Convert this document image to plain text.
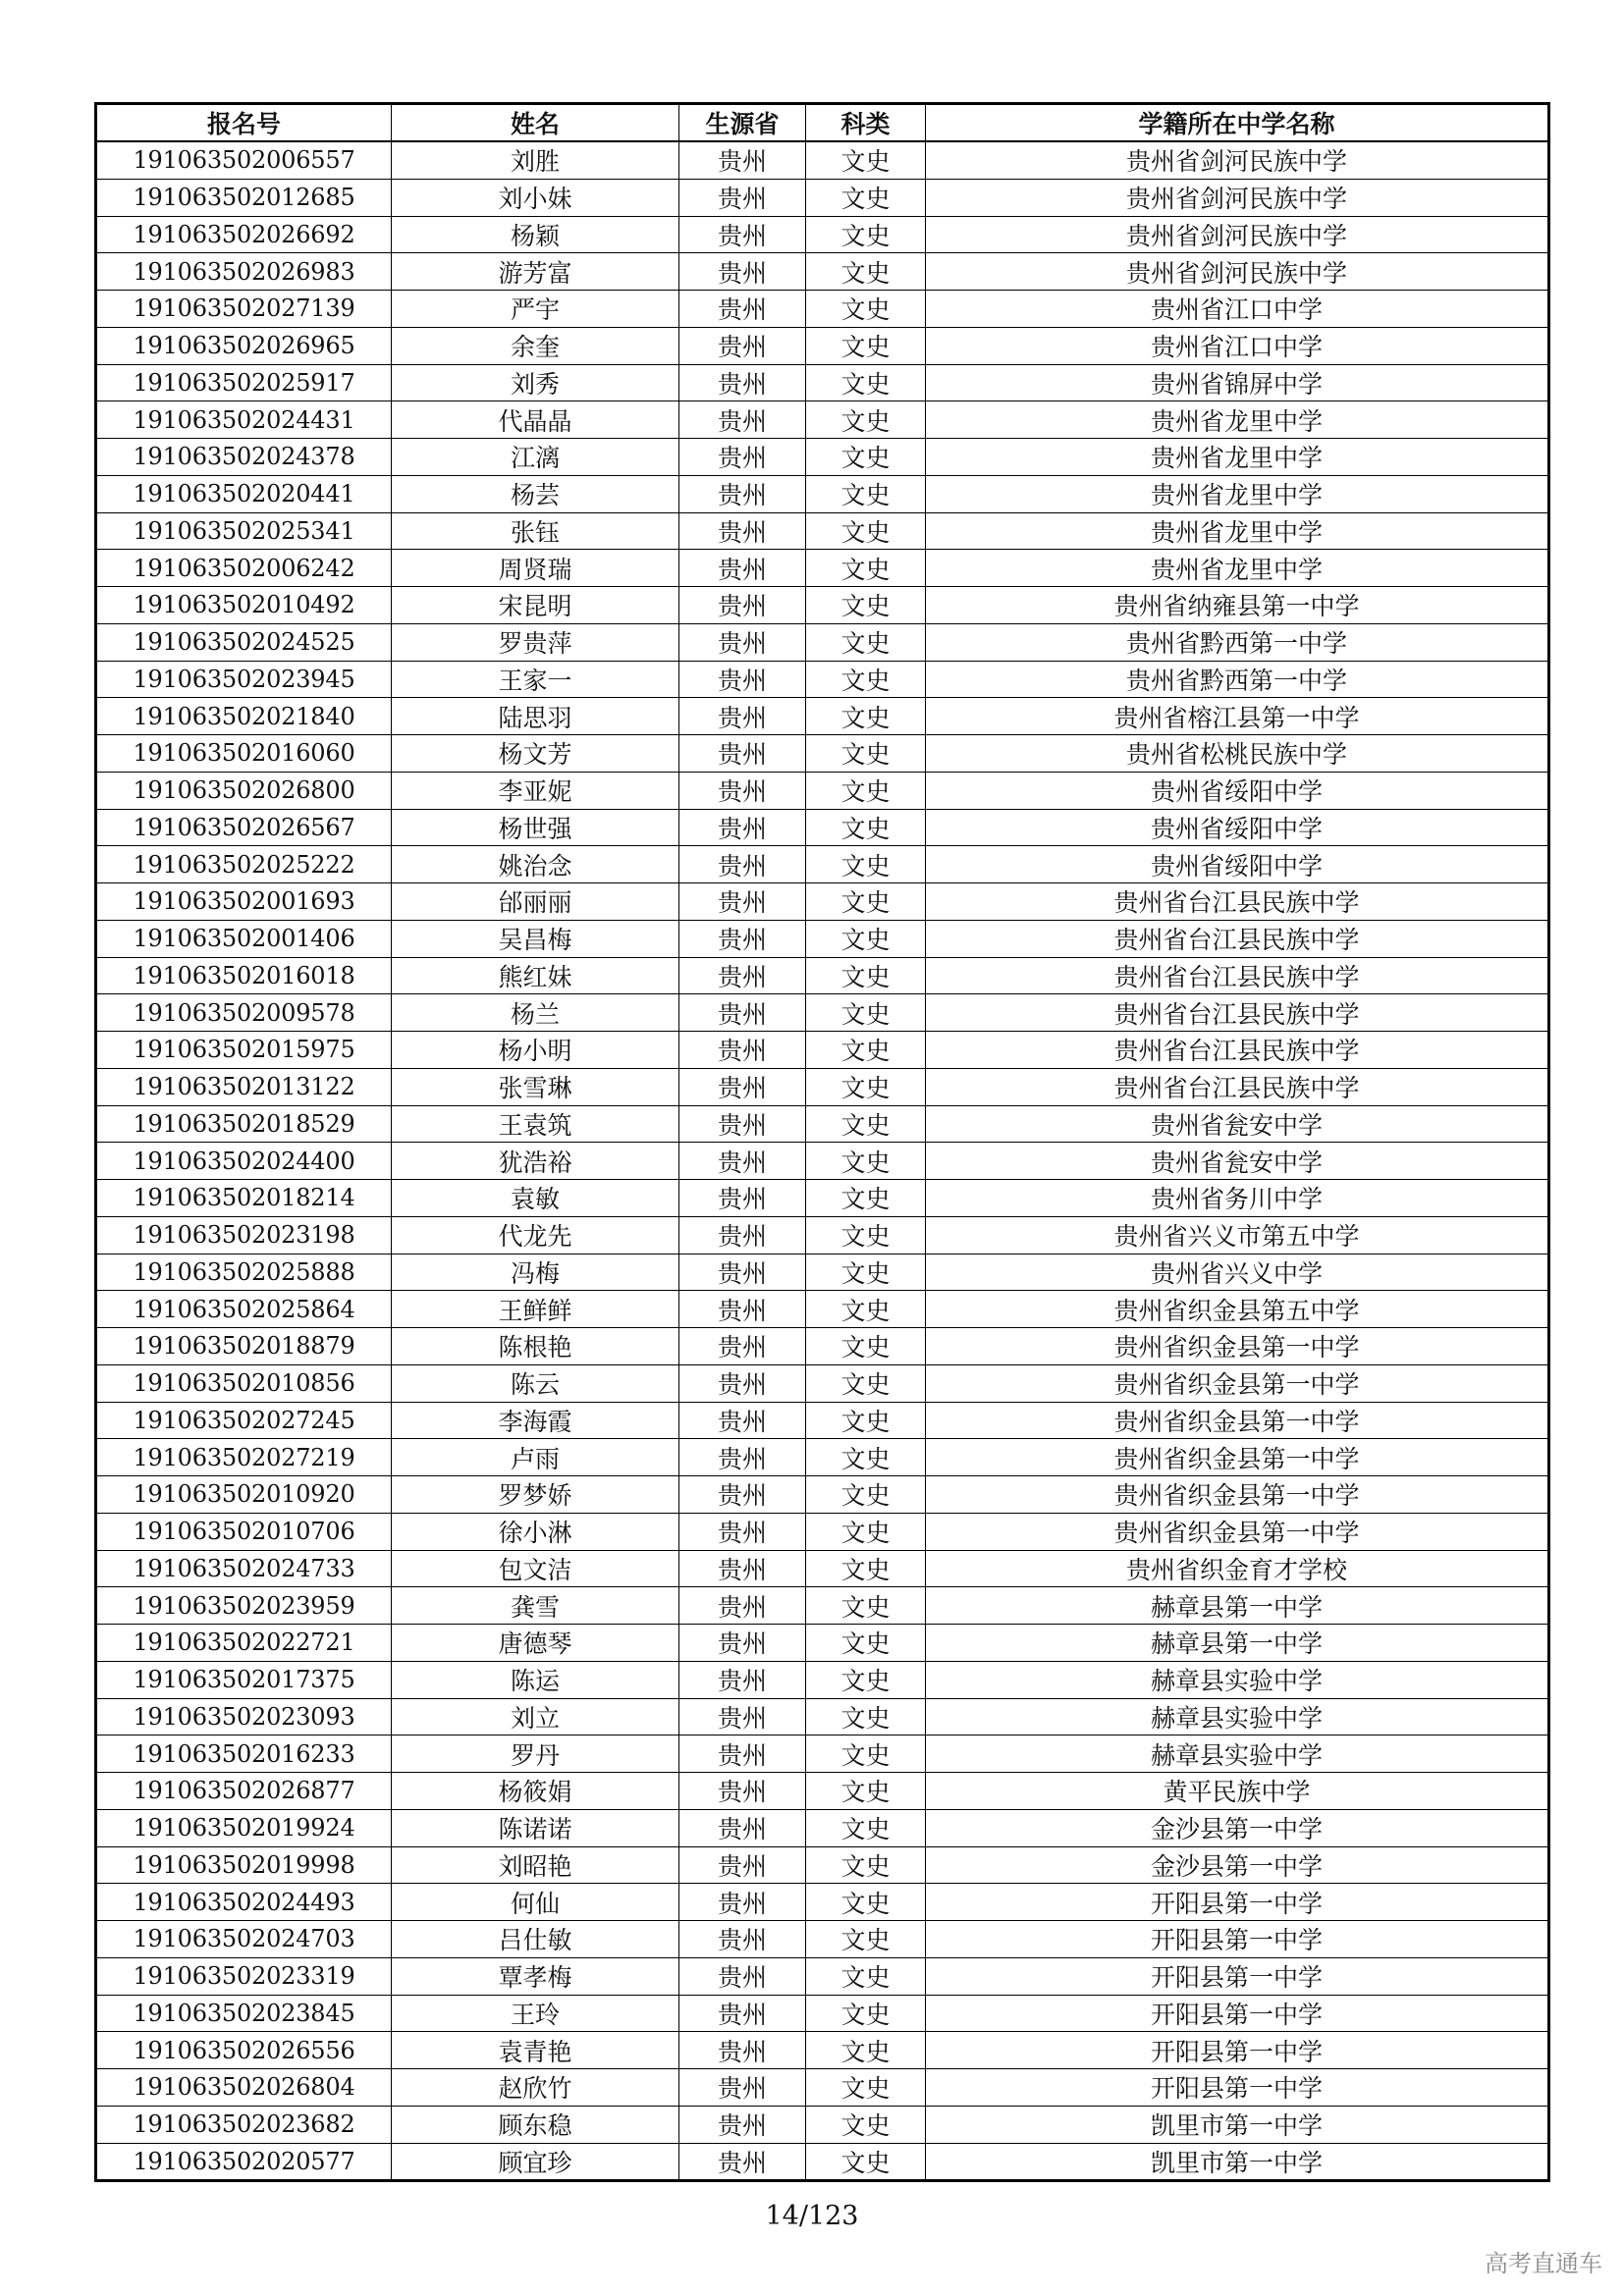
报名号	姓名	生源省	科类	学籍所在中学名称
191063502006557	刘胜	贵州	文史	贵州省剑河民族中学
191063502012685	刘小妹	贵州	文史	贵州省剑河民族中学
191063502026692	杨颖	贵州	文史	贵州省剑河民族中学
191063502026983	游芳富	贵州	文史	贵州省剑河民族中学
191063502027139	严宇	贵州	文史	贵州省江口中学
191063502026965	余奎	贵州	文史	贵州省江口中学
191063502025917	刘秀	贵州	文史	贵州省锦屏中学
191063502024431	代晶晶	贵州	文史	贵州省龙里中学
191063502024378	江漓	贵州	文史	贵州省龙里中学
191063502020441	杨芸	贵州	文史	贵州省龙里中学
191063502025341	张钰	贵州	文史	贵州省龙里中学
191063502006242	周贤瑞	贵州	文史	贵州省龙里中学
191063502010492	宋昆明	贵州	文史	贵州省纳雍县第一中学
191063502024525	罗贵萍	贵州	文史	贵州省黔西第一中学
191063502023945	王家一	贵州	文史	贵州省黔西第一中学
191063502021840	陆思羽	贵州	文史	贵州省榕江县第一中学
191063502016060	杨文芳	贵州	文史	贵州省松桃民族中学
191063502026800	李亚妮	贵州	文史	贵州省绥阳中学
191063502026567	杨世强	贵州	文史	贵州省绥阳中学
191063502025222	姚治念	贵州	文史	贵州省绥阳中学
191063502001693	邰丽丽	贵州	文史	贵州省台江县民族中学
191063502001406	吴昌梅	贵州	文史	贵州省台江县民族中学
191063502016018	熊红妹	贵州	文史	贵州省台江县民族中学
191063502009578	杨兰	贵州	文史	贵州省台江县民族中学
191063502015975	杨小明	贵州	文史	贵州省台江县民族中学
191063502013122	张雪琳	贵州	文史	贵州省台江县民族中学
191063502018529	王袁筑	贵州	文史	贵州省瓮安中学
191063502024400	犹浩裕	贵州	文史	贵州省瓮安中学
191063502018214	袁敏	贵州	文史	贵州省务川中学
191063502023198	代龙先	贵州	文史	贵州省兴义市第五中学
191063502025888	冯梅	贵州	文史	贵州省兴义中学
191063502025864	王鲜鲜	贵州	文史	贵州省织金县第五中学
191063502018879	陈根艳	贵州	文史	贵州省织金县第一中学
191063502010856	陈云	贵州	文史	贵州省织金县第一中学
191063502027245	李海霞	贵州	文史	贵州省织金县第一中学
191063502027219	卢雨	贵州	文史	贵州省织金县第一中学
191063502010920	罗梦娇	贵州	文史	贵州省织金县第一中学
191063502010706	徐小淋	贵州	文史	贵州省织金县第一中学
191063502024733	包文洁	贵州	文史	贵州省织金育才学校
191063502023959	龚雪	贵州	文史	赫章县第一中学
191063502022721	唐德琴	贵州	文史	赫章县第一中学
191063502017375	陈运	贵州	文史	赫章县实验中学
191063502023093	刘立	贵州	文史	赫章县实验中学
191063502016233	罗丹	贵州	文史	赫章县实验中学
191063502026877	杨筱娟	贵州	文史	黄平民族中学
191063502019924	陈诺诺	贵州	文史	金沙县第一中学
191063502019998	刘昭艳	贵州	文史	金沙县第一中学
191063502024493	何仙	贵州	文史	开阳县第一中学
191063502024703	吕仕敏	贵州	文史	开阳县第一中学
191063502023319	覃孝梅	贵州	文史	开阳县第一中学
191063502023845	王玲	贵州	文史	开阳县第一中学
191063502026556	袁青艳	贵州	文史	开阳县第一中学
191063502026804	赵欣竹	贵州	文史	开阳县第一中学
191063502023682	顾东稳	贵州	文史	凯里市第一中学
191063502020577	顾宜珍	贵州	文史	凯里市第一中学
14/123
高考直通车
